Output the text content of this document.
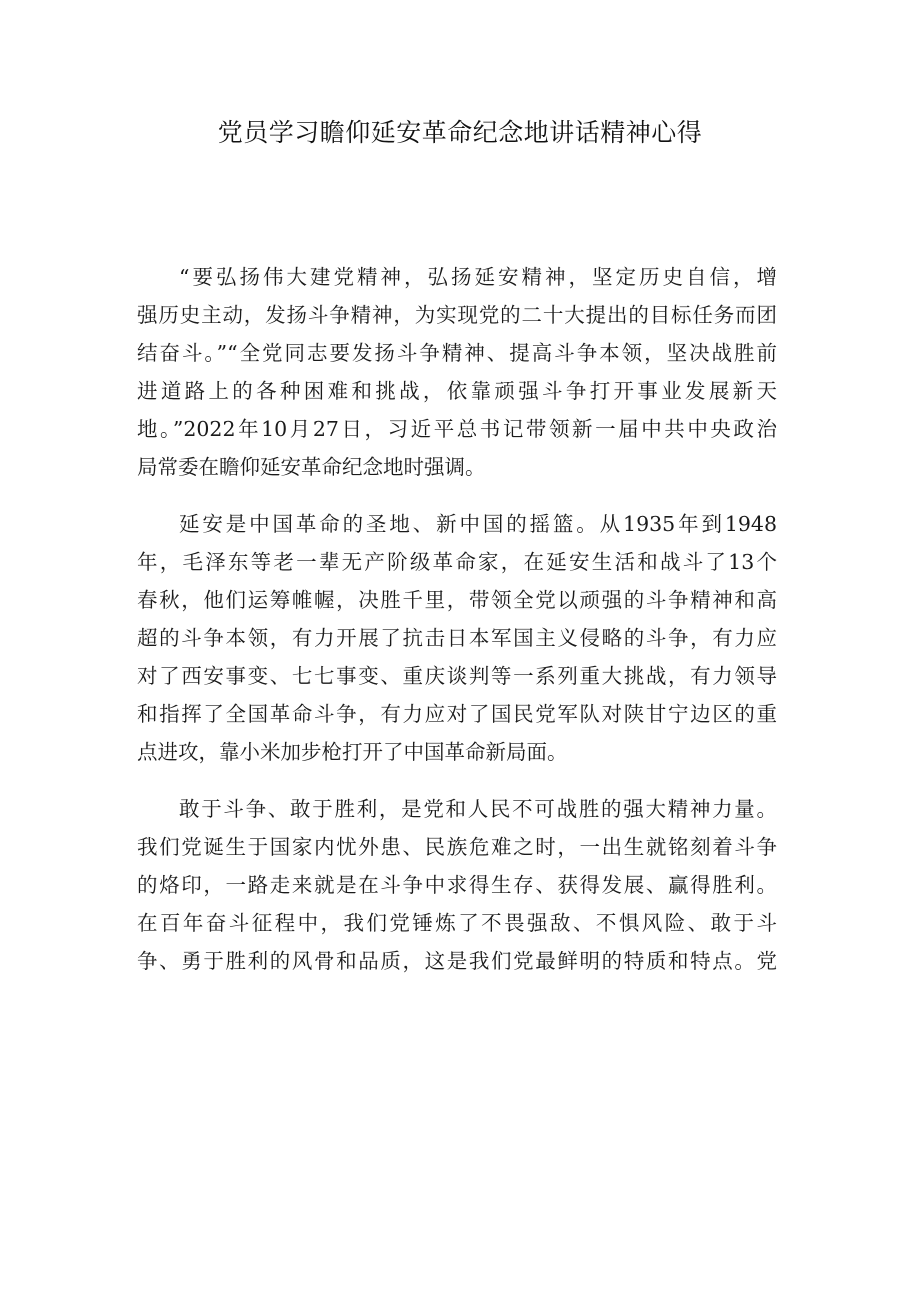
党员学习瞻仰延安革命纪念地讲话精神心得
“要弘扬伟大建党精神，弘扬延安精神，坚定历史自信，增
强历史主动，发扬斗争精神，为实现党的二十大提出的目标任务而团
结奋斗。”“全党同志要发扬斗争精神、提高斗争本领，坚决战胜前
进道路上的各种困难和挑战，依靠顽强斗争打开事业发展新天
地。”2022年10月27日，习近平总书记带领新一届中共中央政治
局常委在瞻仰延安革命纪念地时强调。
延安是中国革命的圣地、新中国的摇篮。从1935年到1948
年，毛泽东等老一辈无产阶级革命家，在延安生活和战斗了13个
春秋，他们运筹帷幄，决胜千里，带领全党以顽强的斗争精神和高
超的斗争本领，有力开展了抗击日本军国主义侵略的斗争，有力应
对了西安事变、七七事变、重庆谈判等一系列重大挑战，有力领导
和指挥了全国革命斗争，有力应对了国民党军队对陕甘宁边区的重
点进攻，靠小米加步枪打开了中国革命新局面。
敢于斗争、敢于胜利，是党和人民不可战胜的强大精神力量。
我们党诞生于国家内忧外患、民族危难之时，一出生就铭刻着斗争
的烙印，一路走来就是在斗争中求得生存、获得发展、赢得胜利。
在百年奋斗征程中，我们党锤炼了不畏强敌、不惧风险、敢于斗
争、勇于胜利的风骨和品质，这是我们党最鲜明的特质和特点。党
